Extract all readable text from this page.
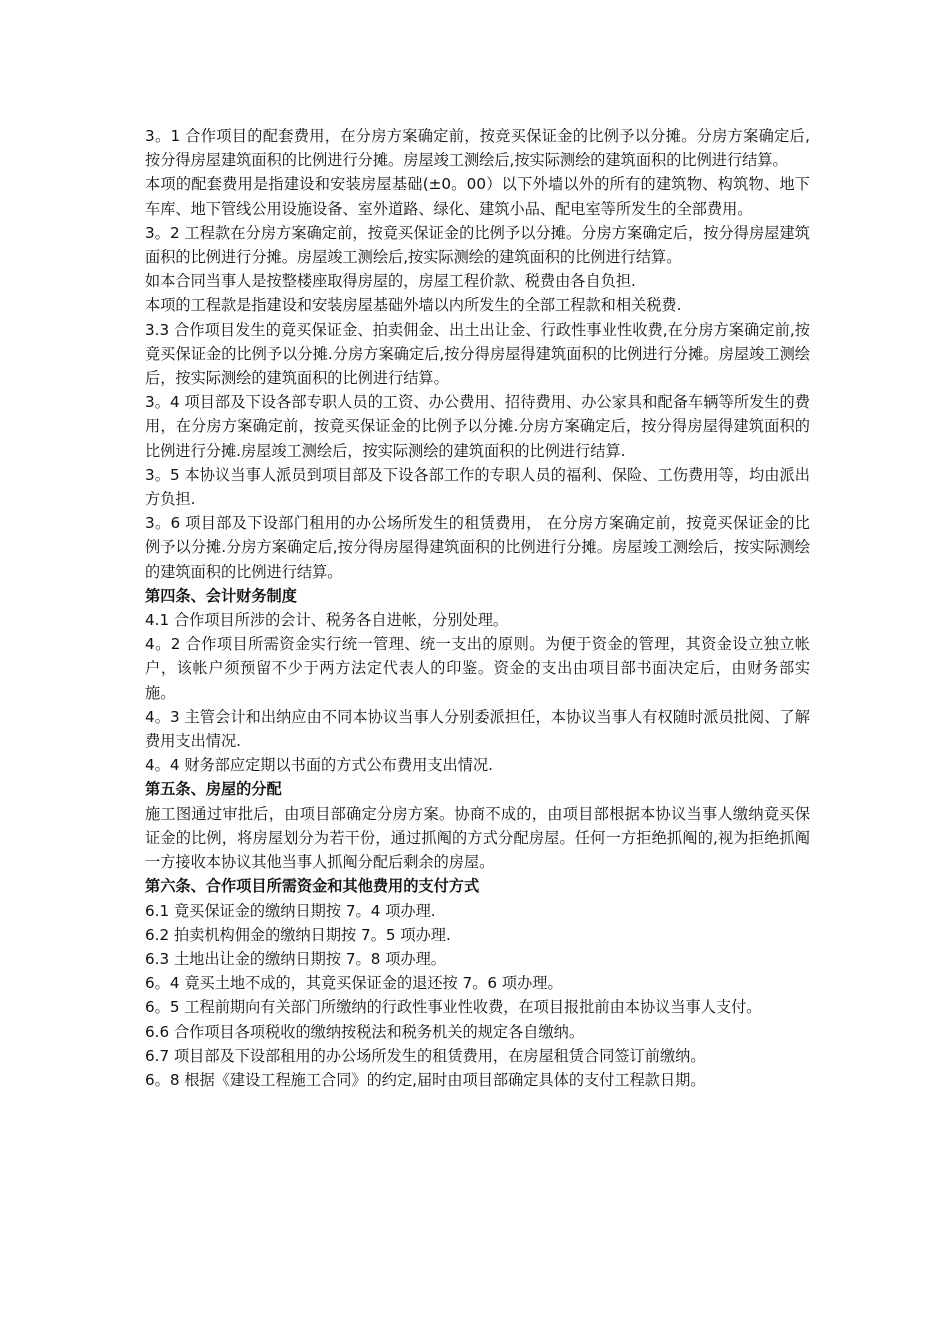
3。1 合作项目的配套费用，在分房方案确定前，按竞买保证金的比例予以分摊。分房方案确定后,按分得房屋建筑面积的比例进行分摊。房屋竣工测绘后,按实际测绘的建筑面积的比例进行结算。

本项的配套费用是指建设和安装房屋基础(±0。00）以下外墙以外的所有的建筑物、构筑物、地下车库、地下管线公用设施设备、室外道路、绿化、建筑小品、配电室等所发生的全部费用。

3。2 工程款在分房方案确定前，按竟买保证金的比例予以分摊。分房方案确定后，按分得房屋建筑面积的比例进行分摊。房屋竣工测绘后,按实际测绘的建筑面积的比例进行结算。

如本合同当事人是按整楼座取得房屋的，房屋工程价款、税费由各自负担.

本项的工程款是指建设和安装房屋基础外墙以内所发生的全部工程款和相关税费.

3.3 合作项目发生的竟买保证金、拍卖佣金、出土出让金、行政性事业性收费,在分房方案确定前,按竟买保证金的比例予以分摊.分房方案确定后,按分得房屋得建筑面积的比例进行分摊。房屋竣工测绘后，按实际测绘的建筑面积的比例进行结算。

3。4 项目部及下设各部专职人员的工资、办公费用、招待费用、办公家具和配备车辆等所发生的费用，在分房方案确定前，按竟买保证金的比例予以分摊.分房方案确定后，按分得房屋得建筑面积的比例进行分摊.房屋竣工测绘后，按实际测绘的建筑面积的比例进行结算.

3。5 本协议当事人派员到项目部及下设各部工作的专职人员的福利、保险、工伤费用等，均由派出方负担.

3。6 项目部及下设部门租用的办公场所发生的租赁费用， 在分房方案确定前，按竟买保证金的比例予以分摊.分房方案确定后,按分得房屋得建筑面积的比例进行分摊。房屋竣工测绘后，按实际测绘的建筑面积的比例进行结算。

第四条、会计财务制度

4.1 合作项目所涉的会计、税务各自进帐，分别处理。

4。2 合作项目所需资金实行统一管理、统一支出的原则。为便于资金的管理，其资金设立独立帐户，该帐户须预留不少于两方法定代表人的印鉴。资金的支出由项目部书面决定后，由财务部实施。

4。3 主管会计和出纳应由不同本协议当事人分别委派担任，本协议当事人有权随时派员批阅、了解费用支出情况.

4。4 财务部应定期以书面的方式公布费用支出情况.

第五条、房屋的分配

施工图通过审批后，由项目部确定分房方案。协商不成的，由项目部根据本协议当事人缴纳竟买保证金的比例，将房屋划分为若干份，通过抓阄的方式分配房屋。任何一方拒绝抓阄的,视为拒绝抓阄一方接收本协议其他当事人抓阄分配后剩余的房屋。

第六条、合作项目所需资金和其他费用的支付方式

6.1 竟买保证金的缴纳日期按 7。4 项办理.

6.2 拍卖机构佣金的缴纳日期按 7。5 项办理.

6.3 土地出让金的缴纳日期按 7。8 项办理。

6。4 竟买土地不成的，其竟买保证金的退还按 7。6 项办理。

6。5 工程前期向有关部门所缴纳的行政性事业性收费，在项目报批前由本协议当事人支付。

6.6 合作项目各项税收的缴纳按税法和税务机关的规定各自缴纳。

6.7 项目部及下设部租用的办公场所发生的租赁费用，在房屋租赁合同签订前缴纳。

6。8 根据《建设工程施工合同》的约定,届时由项目部确定具体的支付工程款日期。
